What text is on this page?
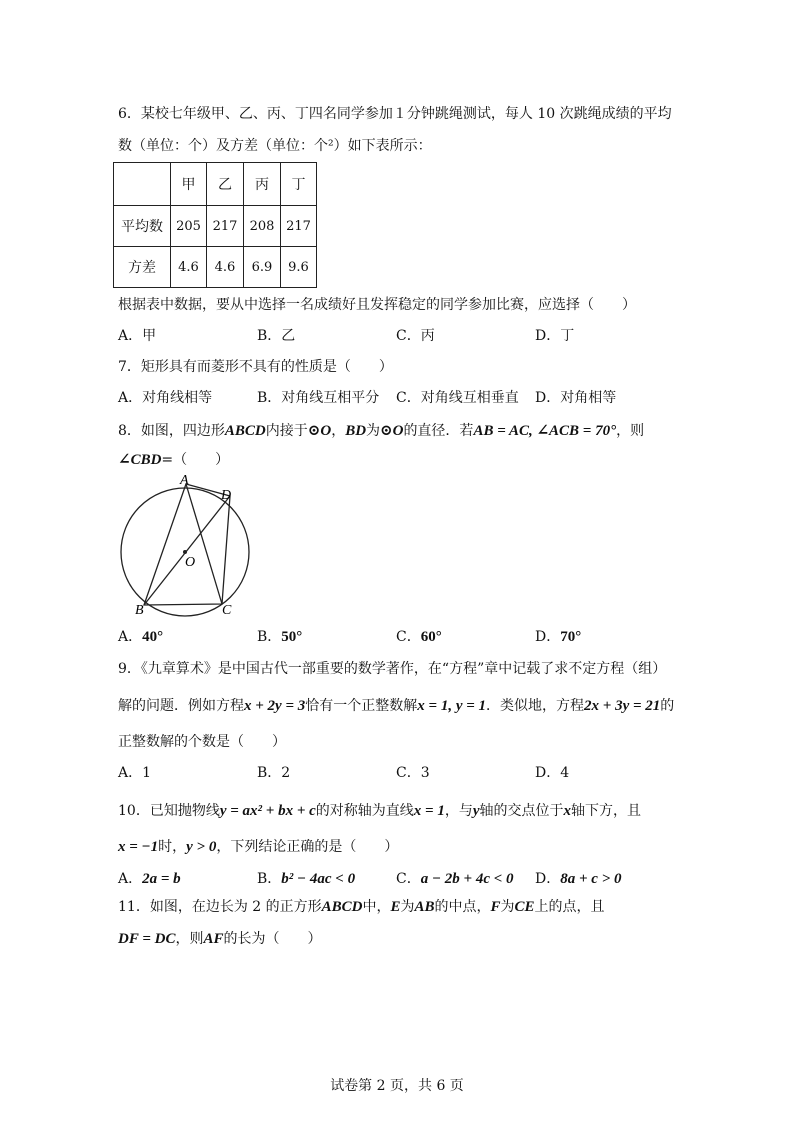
6．某校七年级甲、乙、丙、丁四名同学参加１分钟跳绳测试，每人 10 次跳绳成绩的平均
数（单位：个）及方差（单位：个²）如下表所示：
	甲	乙	丙	丁
平均数	205	217	208	217
方差	4.6	4.6	6.9	9.6
根据表中数据，要从中选择一名成绩好且发挥稳定的同学参加比赛，应选择（　　）
A．甲	B．乙	C．丙	D．丁
7．矩形具有而菱形不具有的性质是（　　）
A．对角线相等	B．对角线互相平分 C．对角线互相垂直 D．对角相等
8．如图，四边形ABCD内接于⊙O，BD为⊙O的直径．若AB = AC, ∠ACB = 70°，则
∠CBD=（　　）
A
D
O
B	C
A．40°	B．50°	C．60°	D．70°
9．《九章算术》是中国古代一部重要的数学著作，在“方程”章中记载了求不定方程（组）
解的问题．例如方程x + 2y = 3恰有一个正整数解x = 1, y = 1．类似地，方程2x + 3y = 21的
正整数解的个数是（　　）
A．1	B．2	C．3	D．4
10．已知抛物线y = ax² + bx + c的对称轴为直线x = 1，与y轴的交点位于x轴下方，且
x = −1时，y > 0，下列结论正确的是（　　）
A．2a = b	B．b² − 4ac < 0	C．a − 2b + 4c < 0 D．8a + c > 0
11．如图，在边长为 2 的正方形ABCD中，E为AB的中点，F为CE上的点，且
DF = DC，则AF的长为（　　）
试卷第 2 页，共 6 页
